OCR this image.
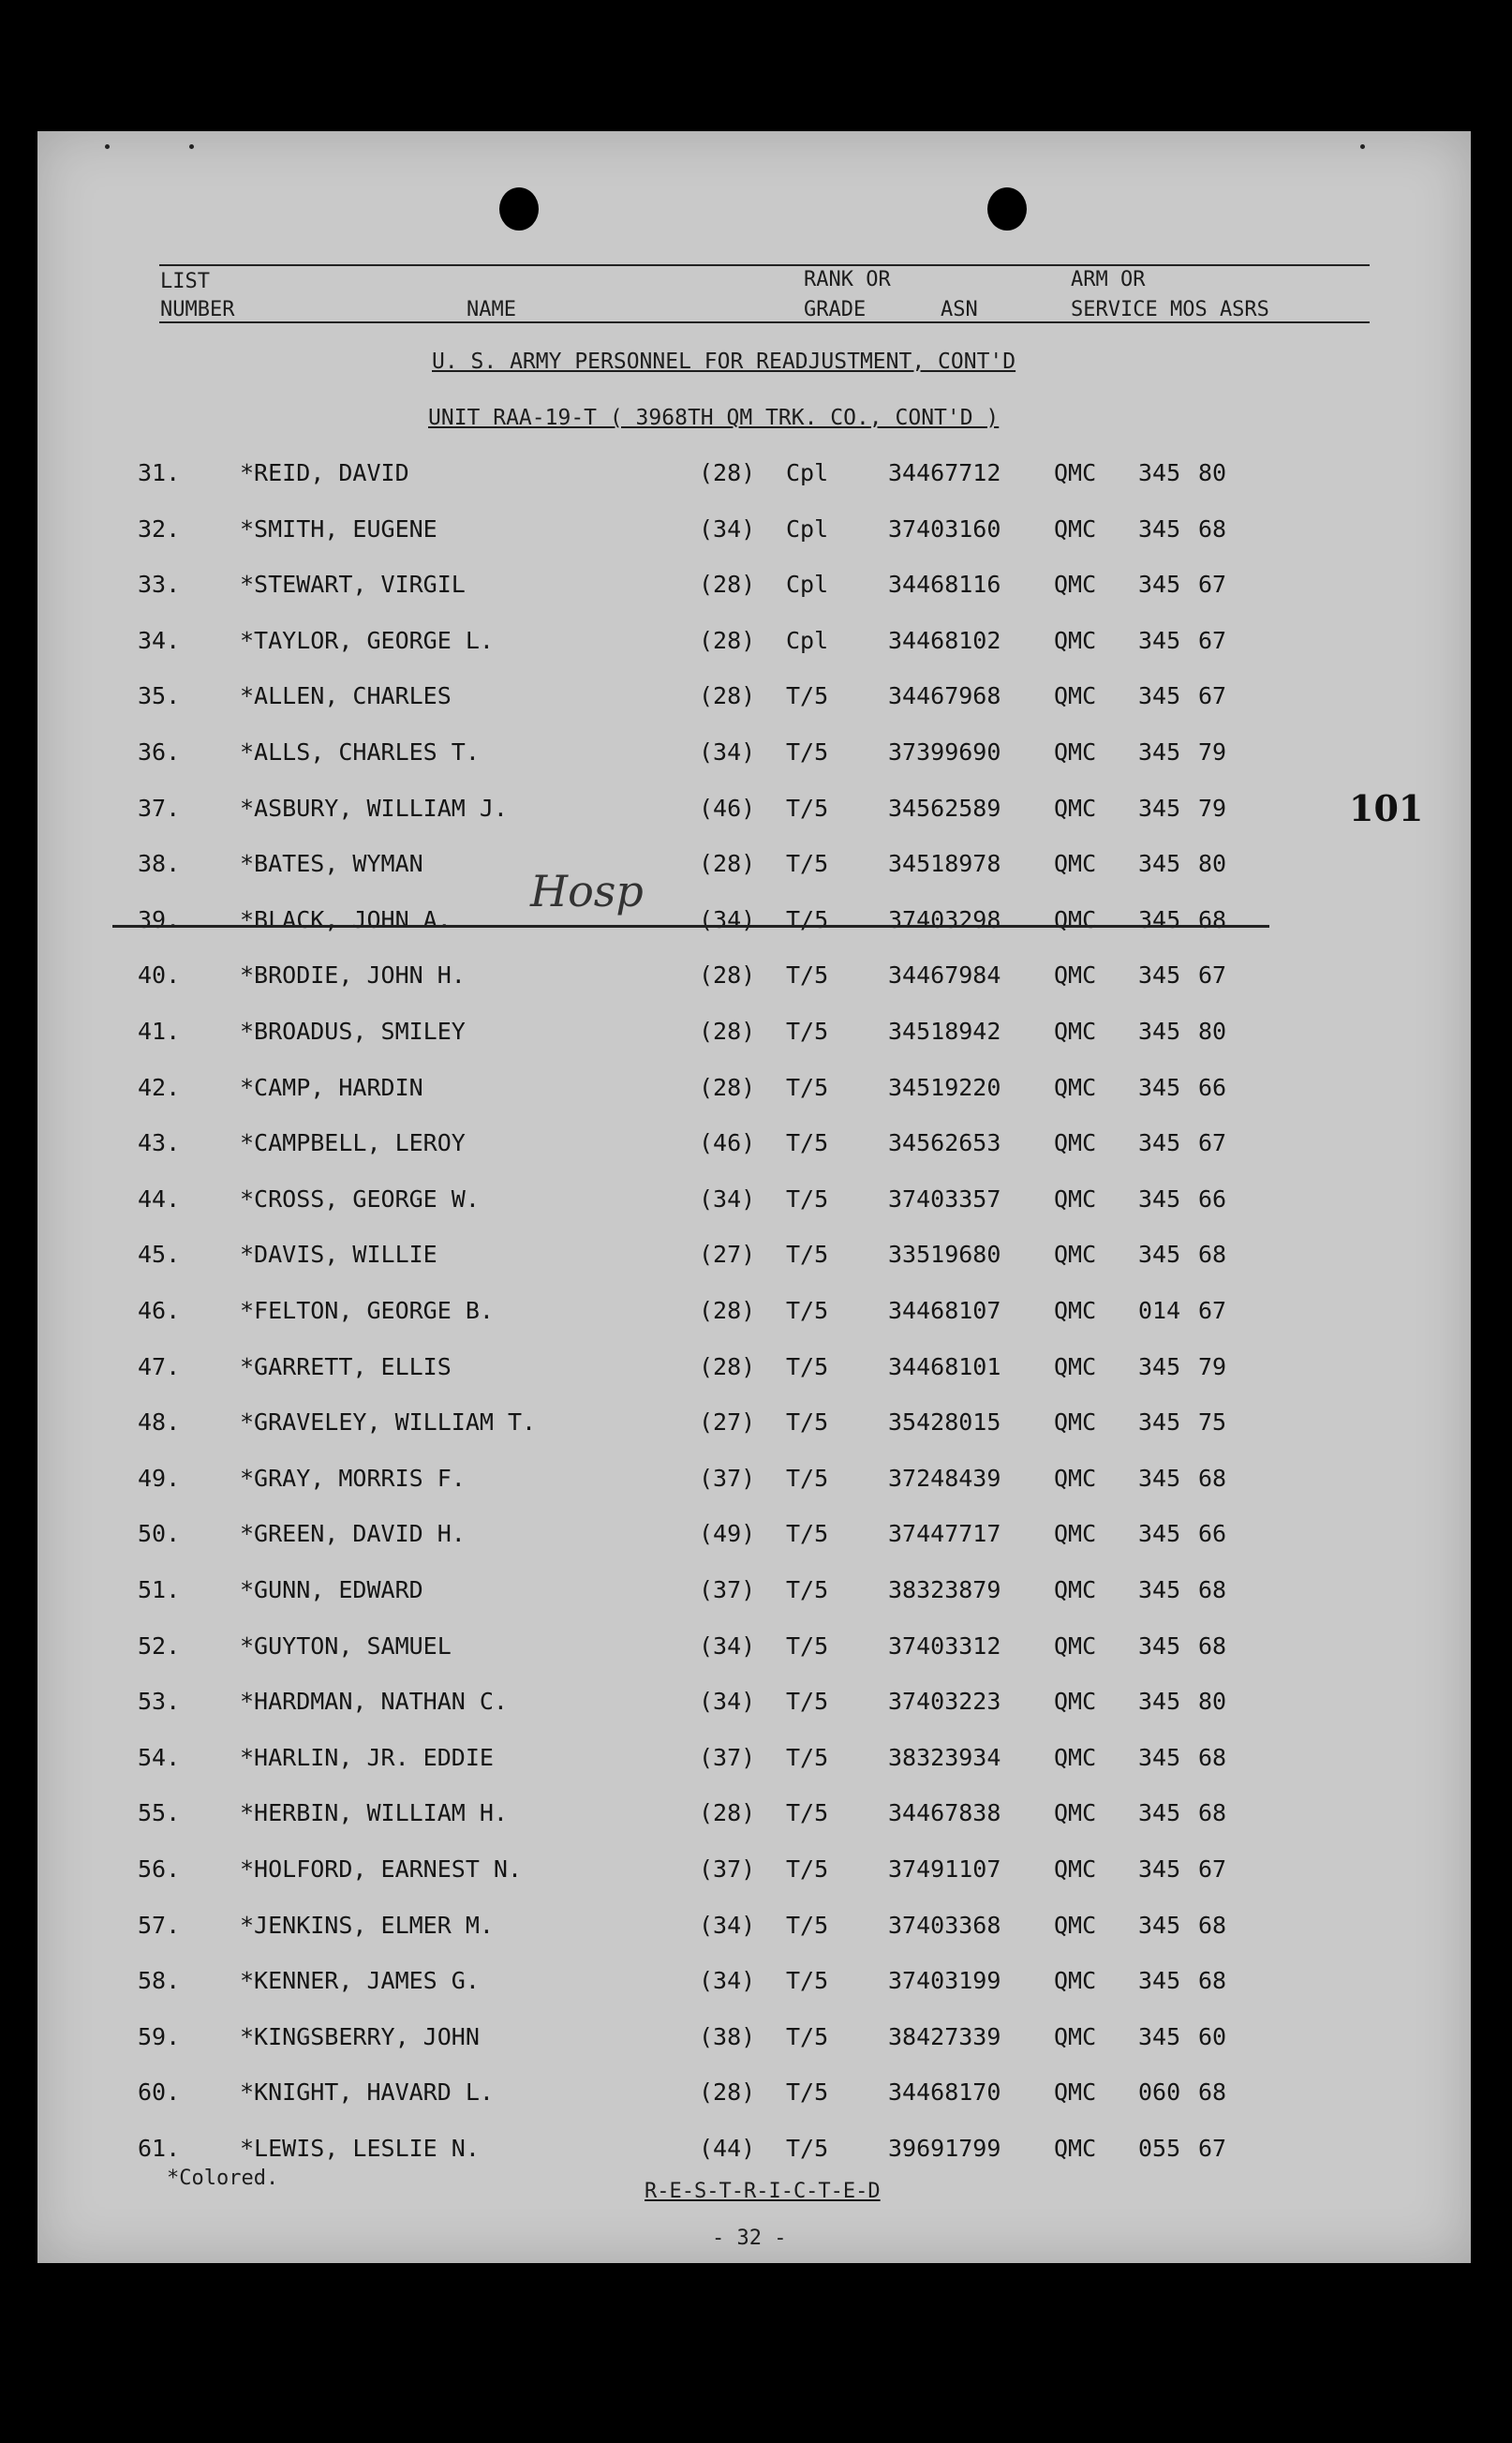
LIST
NUMBER	NAME
RANK OR
GRADE	ASN
ARM OR
SERVICE MOS ASRS
U. S. ARMY PERSONNEL FOR READJUSTMENT, CONT'D
UNIT RAA-19-T ( 3968TH QM TRK. CO., CONT'D )
31.	*REID, DAVID	(28) Cpl	34467712 QMC 345 80
32.	*SMITH, EUGENE	(34) Cpl	37403160 QMC 345 68
33.	*STEWART, VIRGIL	(28) Cpl	34468116 QMC 345 67
34.	*TAYLOR, GEORGE L.	(28) Cpl	34468102 QMC 345 67
35.	*ALLEN, CHARLES	(28) T/5	34467968 QMC 345 67
36.	*ALLS, CHARLES T.	(34) T/5	37399690 QMC 345 79
37.	*ASBURY, WILLIAM J.	(46) T/5	34562589 QMC 345 79
38.	*BATES, WYMAN	(28) T/5	34518978 QMC 345 80
39.	*BLACK, JOHN A.	(34) T/5	37403298 QMC 345 68
40.	*BRODIE, JOHN H.	(28) T/5	34467984 QMC 345 67
41.	*BROADUS, SMILEY	(28) T/5	34518942 QMC 345 80
42.	*CAMP, HARDIN	(28) T/5	34519220 QMC 345 66
43.	*CAMPBELL, LEROY	(46) T/5	34562653 QMC 345 67
44.	*CROSS, GEORGE W.	(34) T/5	37403357 QMC 345 66
45.	*DAVIS, WILLIE	(27) T/5	33519680 QMC 345 68
46.	*FELTON, GEORGE B.	(28) T/5	34468107 QMC 014 67
47.	*GARRETT, ELLIS	(28) T/5	34468101 QMC 345 79
48.	*GRAVELEY, WILLIAM T.	(27) T/5	35428015 QMC 345 75
49.	*GRAY, MORRIS F.	(37) T/5	37248439 QMC 345 68
50.	*GREEN, DAVID H.	(49) T/5	37447717 QMC 345 66
51.	*GUNN, EDWARD	(37) T/5	38323879 QMC 345 68
52.	*GUYTON, SAMUEL	(34) T/5	37403312 QMC 345 68
53.	*HARDMAN, NATHAN C.	(34) T/5	37403223 QMC 345 80
54.	*HARLIN, JR. EDDIE	(37) T/5	38323934 QMC 345 68
55.	*HERBIN, WILLIAM H.	(28) T/5	34467838 QMC 345 68
56.	*HOLFORD, EARNEST N.	(37) T/5	37491107 QMC 345 67
57.	*JENKINS, ELMER M.	(34) T/5	37403368 QMC 345 68
58.	*KENNER, JAMES G.	(34) T/5	37403199 QMC 345 68
59.	*KINGSBERRY, JOHN	(38) T/5	38427339 QMC 345 60
60.	*KNIGHT, HAVARD L.	(28) T/5	34468170 QMC 060 68
61.	*LEWIS, LESLIE N.	(44) T/5	39691799 QMC 055 67
Hosp
101
*Colored.
R-E-S-T-R-I-C-T-E-D
- 32 -
